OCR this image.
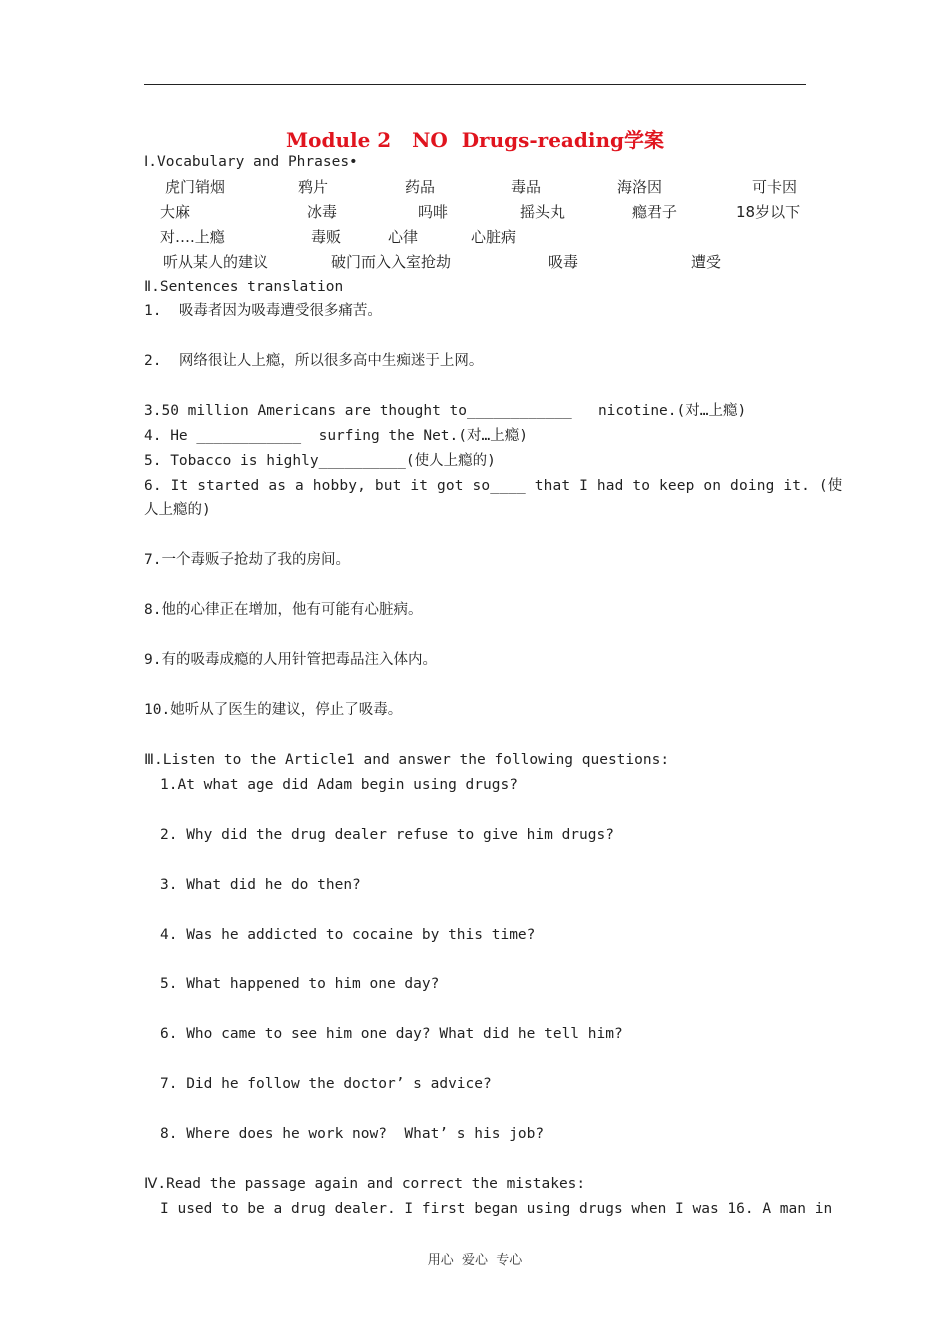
Module 2   NO  Drugs-reading学案
Ⅰ.Vocabulary and Phrases•
虎门销烟	鸦片	药品	毒品	海洛因	可卡因
大麻	冰毒	吗啡	摇头丸	瘾君子	18岁以下
对….上瘾	毒贩	心律	心脏病
听从某人的建议	破门而入入室抢劫	吸毒	遭受
Ⅱ.Sentences translation
1.  吸毒者因为吸毒遭受很多痛苦。
2.  网络很让人上瘾，所以很多高中生痴迷于上网。
3.50 million Americans are thought to____________   nicotine.(对…上瘾)
4. He ____________  surfing the Net.(对…上瘾)
5. Tobacco is highly__________(使人上瘾的)
6. It started as a hobby, but it got so____ that I had to keep on doing it. (使
人上瘾的)
7.一个毒贩子抢劫了我的房间。
8.他的心律正在增加，他有可能有心脏病。
9.有的吸毒成瘾的人用针管把毒品注入体内。
10.她听从了医生的建议，停止了吸毒。
Ⅲ.Listen to the Article1 and answer the following questions:
1.At what age did Adam begin using drugs?
2. Why did the drug dealer refuse to give him drugs?
3. What did he do then?
4. Was he addicted to cocaine by this time?
5. What happened to him one day?
6. Who came to see him one day? What did he tell him?
7. Did he follow the doctor’ s advice?
8. Where does he work now?  What’ s his job?
Ⅳ.Read the passage again and correct the mistakes:
I used to be a drug dealer. I first began using drugs when I was 16. A man in
用心  爱心  专心
